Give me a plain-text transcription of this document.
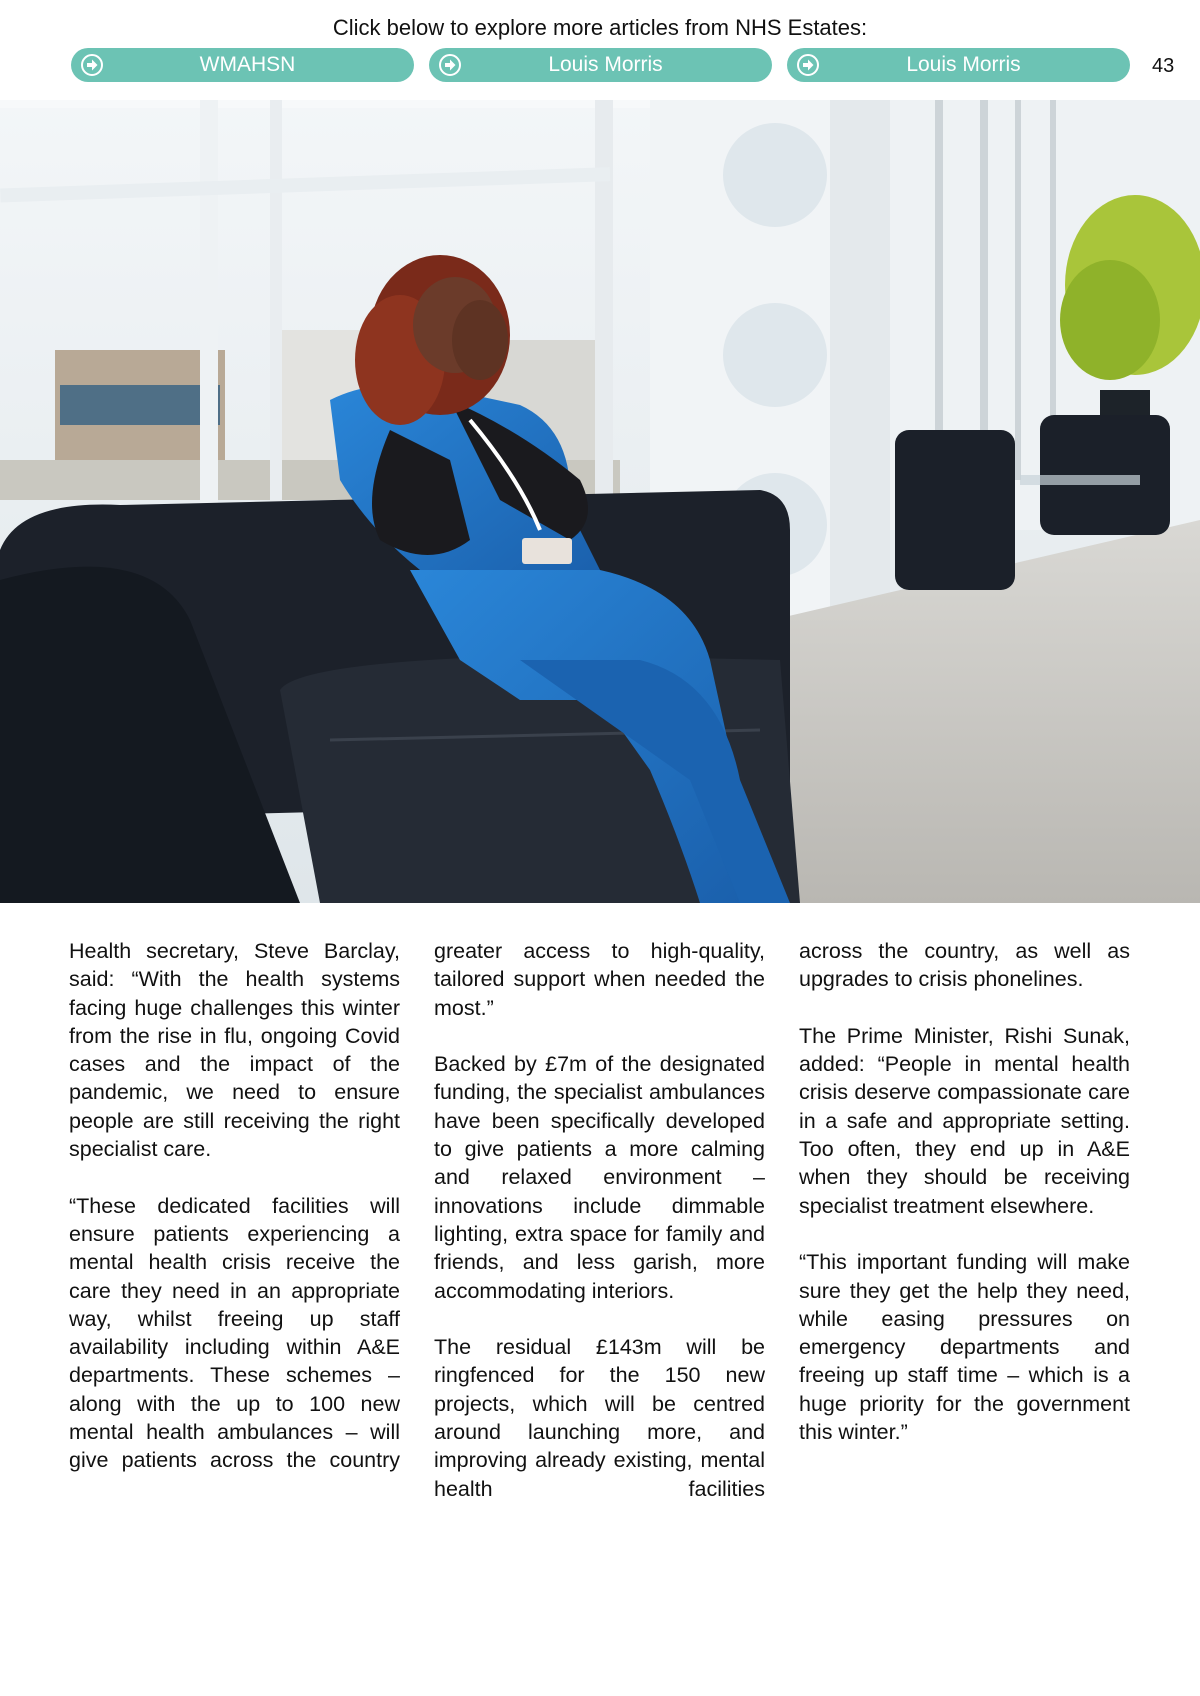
Click below to explore more articles from NHS Estates:
WMAHSN	Louis Morris	Louis Morris	43

Health secretary, Steve Barclay, said: “With the health systems facing huge challenges this winter from the rise in flu, ongoing Covid cases and the impact of the pandemic, we need to ensure people are still receiving the right specialist care.

“These dedicated facilities will ensure patients experiencing a mental health crisis receive the care they need in an appropriate way, whilst freeing up staff availability including within A&E departments. These schemes – along with the up to 100 new mental health ambulances – will give patients across the country

greater access to high-quality, tailored support when needed the most.”

Backed by £7m of the designated funding, the specialist ambulances have been specifically developed to give patients a more calming and relaxed environment – innovations include dimmable lighting, extra space for family and friends, and less garish, more accommodating interiors.

The residual £143m will be ringfenced for the 150 new projects, which will be centred around launching more, and improving already existing, mental health facilities

across the country, as well as upgrades to crisis phonelines.

The Prime Minister, Rishi Sunak, added: “People in mental health crisis deserve compassionate care in a safe and appropriate setting. Too often, they end up in A&E when they should be receiving specialist treatment elsewhere.

“This important funding will make sure they get the help they need, while easing pressures on emergency departments and freeing up staff time – which is a huge priority for the government this winter.”
